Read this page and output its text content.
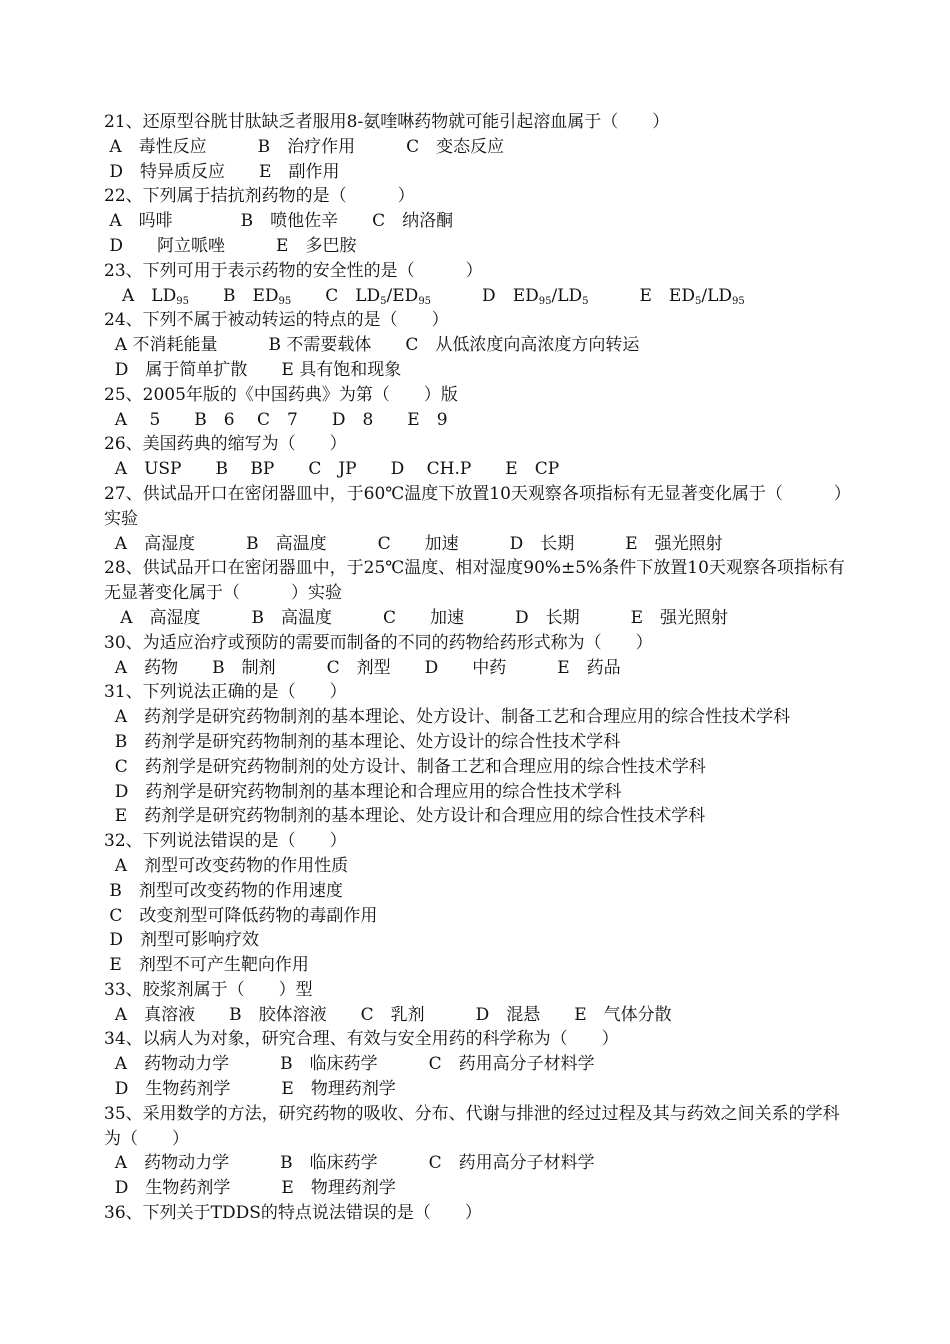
21、还原型谷胱甘肽缺乏者服用8-氨喹啉药物就可能引起溶血属于（　　）
A　毒性反应　　　B　治疗作用　　　C　变态反应
D　特异质反应　　E　副作用
22、下列属于拮抗剂药物的是（　　　）
A　吗啡　　　　B　喷他佐辛　　C　纳洛酮
D　　阿立哌唑　　　E　多巴胺
23、下列可用于表示药物的安全性的是（　　　）
A　$LD_{95}$　　 B　$ED_{95}$　　 C　$LD_5/ED_{95}$　　　	D　$ED_{95}/LD_5$　　　	E　$ED_5/LD_{95}$
24、下列不属于被动转运的特点的是（　　）
A 不消耗能量　　　B 不需要载体　　C　从低浓度向高浓度方向转运
D　属于简单扩散　　E 具有饱和现象
25、2005年版的《中国药典》为第（　　）版
A　 5　　B　6　 C　7　　D　8　　E　9
26、美国药典的缩写为（　　）
A　USP　　B　 BP　　C　JP　　D　 CH.P　　E　CP
27、供试品开口在密闭器皿中，于60℃温度下放置10天观察各项指标有无显著变化属于（　　　）实验
A　高湿度　　　B　高温度　　　C　　加速　　　D　长期　　　E　强光照射
28、供试品开口在密闭器皿中，于25℃温度、相对湿度90%±5%条件下放置10天观察各项指标有无显著变化属于（　　　）实验
A　高湿度　　　B　高温度　　　C　　加速　　　D　长期　　　E　强光照射
30、为适应治疗或预防的需要而制备的不同的药物给药形式称为（　　）
A　药物　　B　制剂　　　C　剂型　　D　　中药　　　E　药品
31、下列说法正确的是（　　）
A　药剂学是研究药物制剂的基本理论、处方设计、制备工艺和合理应用的综合性技术学科
B　药剂学是研究药物制剂的基本理论、处方设计的综合性技术学科
C　药剂学是研究药物制剂的处方设计、制备工艺和合理应用的综合性技术学科
D　药剂学是研究药物制剂的基本理论和合理应用的综合性技术学科
E　药剂学是研究药物制剂的基本理论、处方设计和合理应用的综合性技术学科
32、下列说法错误的是（　　）
A　剂型可改变药物的作用性质
B　剂型可改变药物的作用速度
C　改变剂型可降低药物的毒副作用
D　剂型可影响疗效
E　剂型不可产生靶向作用
33、胶浆剂属于（　　）型
A　真溶液　　B　胶体溶液　　C　乳剂　　　D　混悬　　E　气体分散
34、以病人为对象，研究合理、有效与安全用药的科学称为（　　）
A　药物动力学　　　B　临床药学　　　C　药用高分子材料学
D　生物药剂学　　　E　物理药剂学
35、采用数学的方法，研究药物的吸收、分布、代谢与排泄的经过过程及其与药效之间关系的学科为（　　）
A　药物动力学　　　B　临床药学　　　C　药用高分子材料学
D　生物药剂学　　　E　物理药剂学
36、下列关于TDDS的特点说法错误的是（　　）
